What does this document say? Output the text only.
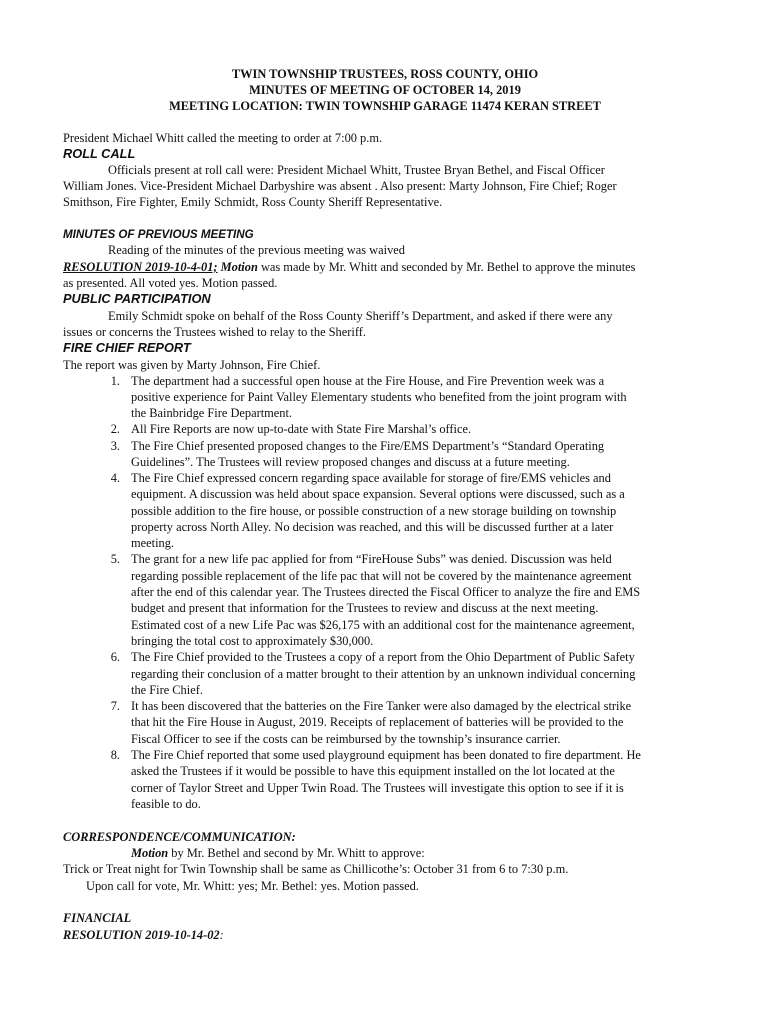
TWIN TOWNSHIP TRUSTEES, ROSS COUNTY, OHIO
MINUTES OF MEETING OF OCTOBER 14, 2019
MEETING LOCATION: TWIN TOWNSHIP GARAGE 11474 KERAN STREET
President Michael Whitt called the meeting to order at 7:00 p.m.
ROLL CALL
Officials present at roll call were: President Michael Whitt, Trustee Bryan Bethel, and Fiscal Officer
William Jones. Vice-President Michael Darbyshire was absent . Also present: Marty Johnson, Fire Chief; Roger
Smithson, Fire Fighter, Emily Schmidt, Ross County Sheriff Representative.
MINUTES OF PREVIOUS MEETING
Reading of the minutes of the previous meeting was waived
RESOLUTION 2019-10-4-01; Motion was made by Mr. Whitt and seconded by Mr. Bethel to approve the minutes
as presented. All voted yes. Motion passed.
PUBLIC PARTICIPATION
Emily Schmidt spoke on behalf of the Ross County Sheriff’s Department, and asked if there were any
issues or concerns the Trustees wished to relay to the Sheriff.
FIRE CHIEF REPORT
The report was given by Marty Johnson, Fire Chief.
1. The department had a successful open house at the Fire House, and Fire Prevention week was a
positive experience for Paint Valley Elementary students who benefited from the joint program with
the Bainbridge Fire Department.
2. All Fire Reports are now up-to-date with State Fire Marshal’s office.
3. The Fire Chief presented proposed changes to the Fire/EMS Department’s “Standard Operating
Guidelines”. The Trustees will review proposed changes and discuss at a future meeting.
4. The Fire Chief expressed concern regarding space available for storage of fire/EMS vehicles and
equipment. A discussion was held about space expansion. Several options were discussed, such as a
possible addition to the fire house, or possible construction of a new storage building on township
property across North Alley. No decision was reached, and this will be discussed further at a later
meeting.
5. The grant for a new life pac applied for from “FireHouse Subs” was denied. Discussion was held
regarding possible replacement of the life pac that will not be covered by the maintenance agreement
after the end of this calendar year. The Trustees directed the Fiscal Officer to analyze the fire and EMS
budget and present that information for the Trustees to review and discuss at the next meeting.
Estimated cost of a new Life Pac was $26,175 with an additional cost for the maintenance agreement,
bringing the total cost to approximately $30,000.
6. The Fire Chief provided to the Trustees a copy of a report from the Ohio Department of Public Safety
regarding their conclusion of a matter brought to their attention by an unknown individual concerning
the Fire Chief.
7. It has been discovered that the batteries on the Fire Tanker were also damaged by the electrical strike
that hit the Fire House in August, 2019. Receipts of replacement of batteries will be provided to the
Fiscal Officer to see if the costs can be reimbursed by the township’s insurance carrier.
8. The Fire Chief reported that some used playground equipment has been donated to fire department. He
asked the Trustees if it would be possible to have this equipment installed on the lot located at the
corner of Taylor Street and Upper Twin Road. The Trustees will investigate this option to see if it is
feasible to do.
CORRESPONDENCE/COMMUNICATION:
Motion by Mr. Bethel and second by Mr. Whitt to approve:
Trick or Treat night for Twin Township shall be same as Chillicothe’s: October 31 from 6 to 7:30 p.m.
Upon call for vote, Mr. Whitt: yes; Mr. Bethel: yes. Motion passed.
FINANCIAL
RESOLUTION 2019-10-14-02:
